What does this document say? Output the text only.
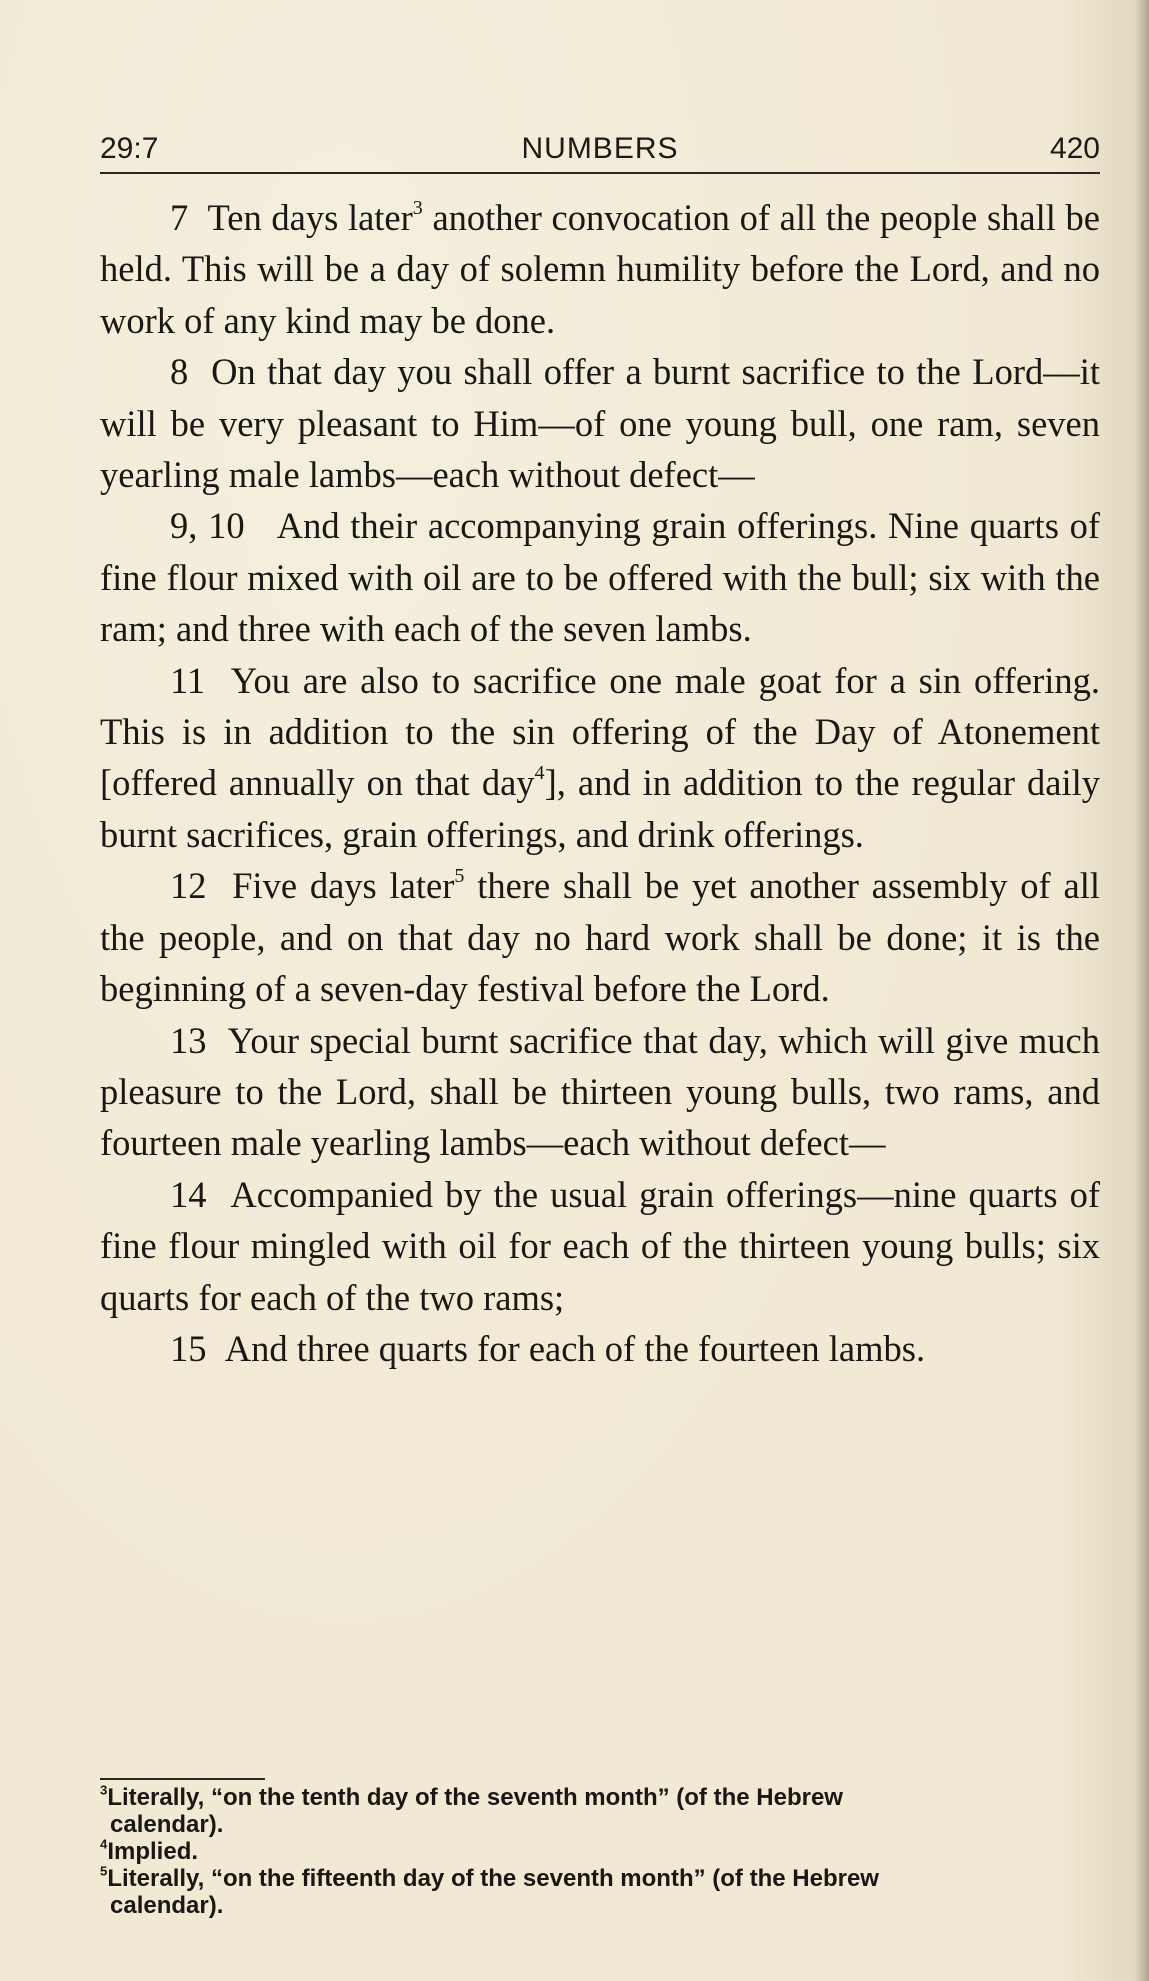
29:7	NUMBERS	420

7 Ten days later$^3$ another convocation of all the people shall be held. This will be a day of solemn humility before the Lord, and no work of any kind may be done.

8 On that day you shall offer a burnt sacrifice to the Lord—it will be very pleasant to Him—of one young bull, one ram, seven yearling male lambs—each without defect—

9, 10 And their accompanying grain offerings. Nine quarts of fine flour mixed with oil are to be offered with the bull; six with the ram; and three with each of the seven lambs.

11 You are also to sacrifice one male goat for a sin offering. This is in addition to the sin offering of the Day of Atonement [offered annually on that day$^4$], and in addition to the regular daily burnt sacrifices, grain offerings, and drink offerings.

12 Five days later$^5$ there shall be yet another assembly of all the people, and on that day no hard work shall be done; it is the beginning of a seven-day festival before the Lord.

13 Your special burnt sacrifice that day, which will give much pleasure to the Lord, shall be thirteen young bulls, two rams, and fourteen male yearling lambs—each without defect—

14 Accompanied by the usual grain offerings—nine quarts of fine flour mingled with oil for each of the thirteen young bulls; six quarts for each of the two rams;

15 And three quarts for each of the fourteen lambs.

$^3$Literally, “on the tenth day of the seventh month” (of the Hebrew

calendar).

$^4$Implied.

$^5$Literally, “on the fifteenth day of the seventh month” (of the Hebrew

calendar).
